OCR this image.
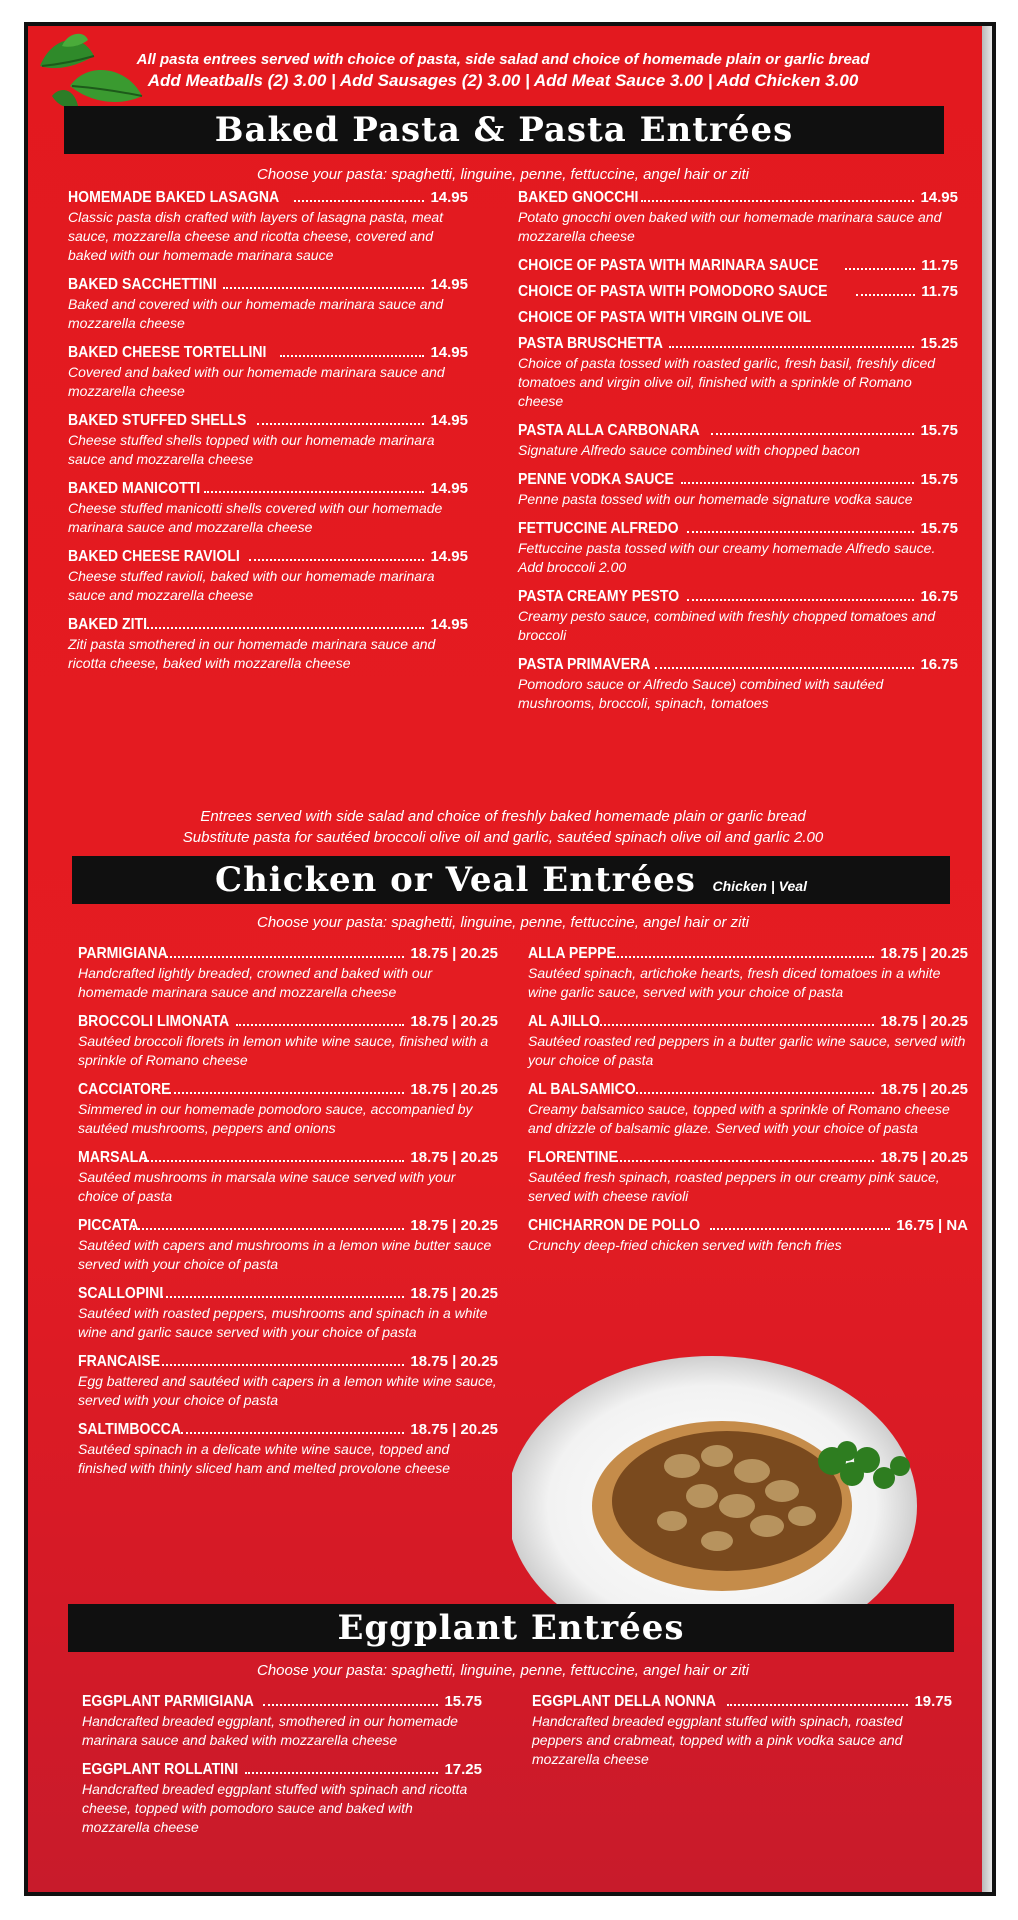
All pasta entrees served with choice of pasta, side salad and choice of homemade plain or garlic bread
Add Meatballs (2) 3.00 | Add Sausages (2) 3.00 | Add Meat Sauce 3.00 | Add Chicken 3.00
Baked Pasta & Pasta Entrées
Choose your pasta: spaghetti, linguine, penne, fettuccine, angel hair or ziti
HOMEMADE BAKED LASAGNA	14.95
Classic pasta dish crafted with layers of lasagna pasta, meat sauce, mozzarella cheese and ricotta cheese, covered and baked with our homemade marinara sauce
BAKED SACCHETTINI	14.95
Baked and covered with our homemade marinara sauce and mozzarella cheese
BAKED CHEESE TORTELLINI	14.95
Covered and baked with our homemade marinara sauce and mozzarella cheese
BAKED STUFFED SHELLS	14.95
Cheese stuffed shells topped with our homemade marinara sauce and mozzarella cheese
BAKED MANICOTTI	14.95
Cheese stuffed manicotti shells covered with our homemade marinara sauce and mozzarella cheese
BAKED CHEESE RAVIOLI	14.95
Cheese stuffed ravioli, baked with our homemade marinara sauce and mozzarella cheese
BAKED ZITI	14.95
Ziti pasta smothered in our homemade marinara sauce and ricotta cheese, baked with mozzarella cheese
BAKED GNOCCHI	14.95
Potato gnocchi oven baked with our homemade marinara sauce and mozzarella cheese
CHOICE OF PASTA WITH MARINARA SAUCE	11.75
CHOICE OF PASTA WITH POMODORO SAUCE	11.75
CHOICE OF PASTA WITH VIRGIN OLIVE OIL
PASTA BRUSCHETTA	15.25
Choice of pasta tossed with roasted garlic, fresh basil, freshly diced tomatoes and virgin olive oil, finished with a sprinkle of Romano cheese
PASTA ALLA CARBONARA	15.75
Signature Alfredo sauce combined with chopped bacon
PENNE VODKA SAUCE	15.75
Penne pasta tossed with our homemade signature vodka sauce
FETTUCCINE ALFREDO	15.75
Fettuccine pasta tossed with our creamy homemade Alfredo sauce. Add broccoli 2.00
PASTA CREAMY PESTO	16.75
Creamy pesto sauce, combined with freshly chopped tomatoes and broccoli
PASTA PRIMAVERA	16.75
Pomodoro sauce or Alfredo Sauce) combined with sautéed mushrooms, broccoli, spinach, tomatoes
Entrees served with side salad and choice of freshly baked homemade plain or garlic bread
Substitute pasta for sautéed broccoli olive oil and garlic, sautéed spinach olive oil and garlic 2.00
Chicken or Veal Entrées Chicken | Veal
Choose your pasta: spaghetti, linguine, penne, fettuccine, angel hair or ziti
PARMIGIANA	18.75 | 20.25
Handcrafted lightly breaded, crowned and baked with our homemade marinara sauce and mozzarella cheese
BROCCOLI LIMONATA	18.75 | 20.25
Sautéed broccoli florets in lemon white wine sauce, finished with a sprinkle of Romano cheese
CACCIATORE	18.75 | 20.25
Simmered in our homemade pomodoro sauce, accompanied by sautéed mushrooms, peppers and onions
MARSALA	18.75 | 20.25
Sautéed mushrooms in marsala wine sauce served with your choice of pasta
PICCATA	18.75 | 20.25
Sautéed with capers and mushrooms in a lemon wine butter sauce served with your choice of pasta
SCALLOPINI	18.75 | 20.25
Sautéed with roasted peppers, mushrooms and spinach in a white wine and garlic sauce served with your choice of pasta
FRANCAISE	18.75 | 20.25
Egg battered and sautéed with capers in a lemon white wine sauce, served with your choice of pasta
SALTIMBOCCA	18.75 | 20.25
Sautéed spinach in a delicate white wine sauce, topped and finished with thinly sliced ham and melted provolone cheese
ALLA PEPPE	18.75 | 20.25
Sautéed spinach, artichoke hearts, fresh diced tomatoes in a white wine garlic sauce, served with your choice of pasta
AL AJILLO	18.75 | 20.25
Sautéed roasted red peppers in a butter garlic wine sauce, served with your choice of pasta
AL BALSAMICO	18.75 | 20.25
Creamy balsamico sauce, topped with a sprinkle of Romano cheese and drizzle of balsamic glaze. Served with your choice of pasta
FLORENTINE	18.75 | 20.25
Sautéed fresh spinach, roasted peppers in our creamy pink sauce, served with cheese ravioli
CHICHARRON DE POLLO	16.75 | NA
Crunchy deep-fried chicken served with fench fries
Eggplant Entrées
Choose your pasta: spaghetti, linguine, penne, fettuccine, angel hair or ziti
EGGPLANT PARMIGIANA	15.75
Handcrafted breaded eggplant, smothered in our homemade marinara sauce and baked with mozzarella cheese
EGGPLANT ROLLATINI	17.25
Handcrafted breaded eggplant stuffed with spinach and ricotta cheese, topped with pomodoro sauce and baked with mozzarella cheese
EGGPLANT DELLA NONNA	19.75
Handcrafted breaded eggplant stuffed with spinach, roasted peppers and crabmeat, topped with a pink vodka sauce and mozzarella cheese
